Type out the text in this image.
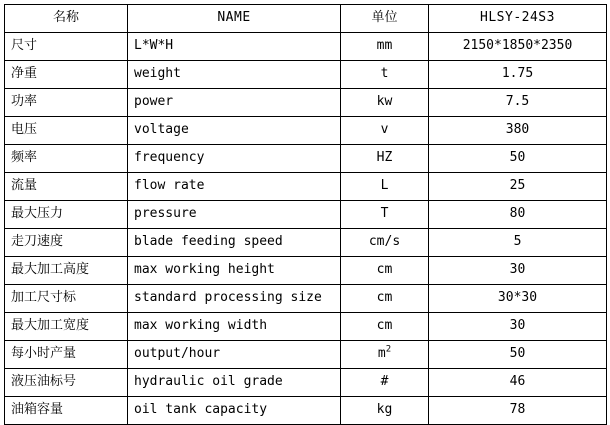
名称	NAME	单位	HLSY-24S3
尺寸	L*W*H	mm	2150*1850*2350
净重	weight	t	1.75
功率	power	kw	7.5
电压	voltage	v	380
频率	frequency	HZ	50
流量	flow rate	L	25
最大压力	pressure	T	80
走刀速度	blade feeding speed	cm/s	5
最大加工高度	max working height	cm	30
加工尺寸标	standard processing size	cm	30*30
最大加工宽度	max working width	cm	30
每小时产量	output/hour	$m^2$	50
液压油标号	hydraulic oil grade	#	46
油箱容量	oil tank capacity	kg	78
